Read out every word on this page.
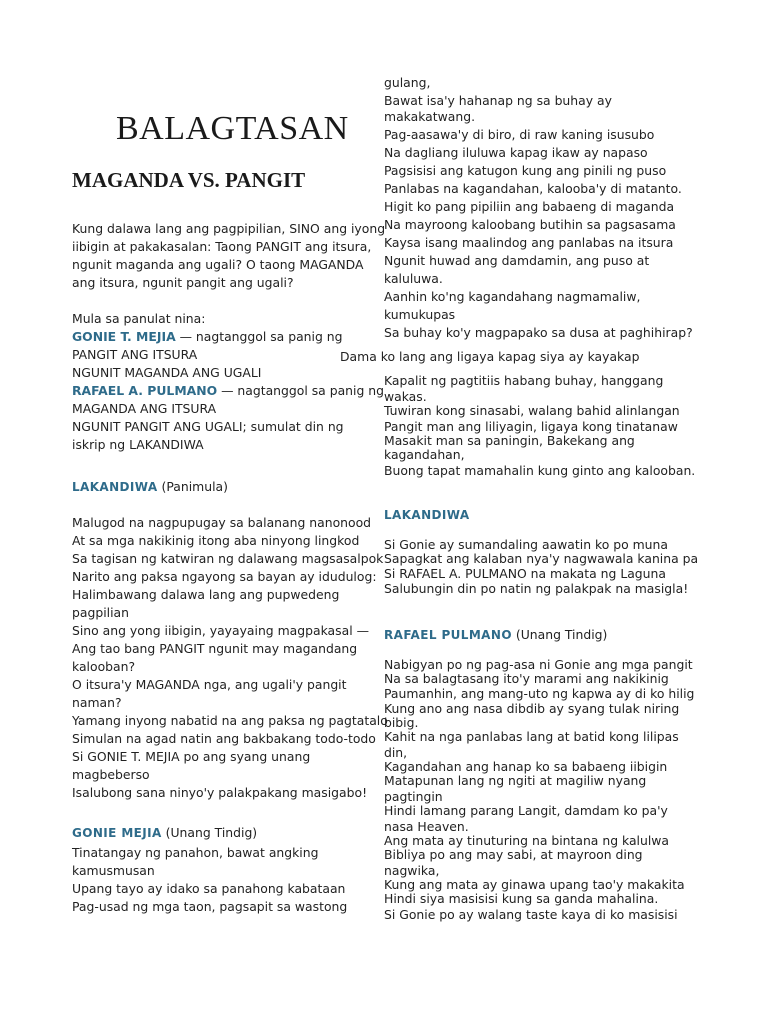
BALAGTASAN
MAGANDA VS. PANGIT
Kung dalawa lang ang pagpipilian, SINO ang iyong
iibigin at pakakasalan: Taong PANGIT ang itsura,
ngunit maganda ang ugali? O taong MAGANDA
ang itsura, ngunit pangit ang ugali?
Mula sa panulat nina:
GONIE T. MEJIA — nagtanggol sa panig ng
PANGIT ANG ITSURA
NGUNIT MAGANDA ANG UGALI
RAFAEL A. PULMANO — nagtanggol sa panig ng
MAGANDA ANG ITSURA
NGUNIT PANGIT ANG UGALI; sumulat din ng
iskrip ng LAKANDIWA
LAKANDIWA (Panimula)
Malugod na nagpupugay sa balanang nanonood
At sa mga nakikinig itong aba ninyong lingkod
Sa tagisan ng katwiran ng dalawang magsasalpok
Narito ang paksa ngayong sa bayan ay idudulog:
Halimbawang dalawa lang ang pupwedeng
pagpilian
Sino ang yong iibigin, yayayaing magpakasal —
Ang tao bang PANGIT ngunit may magandang
kalooban?
O itsura'y MAGANDA nga, ang ugali'y pangit
naman?
Yamang inyong nabatid na ang paksa ng pagtatalo
Simulan na agad natin ang bakbakang todo-todo
Si GONIE T. MEJIA po ang syang unang
magbeberso
Isalubong sana ninyo'y palakpakang masigabo!
GONIE MEJIA (Unang Tindig)
Tinatangay ng panahon, bawat angking
kamusmusan
Upang tayo ay idako sa panahong kabataan
Pag-usad ng mga taon, pagsapit sa wastong
gulang,
Bawat isa'y hahanap ng sa buhay ay
makakatwang.
Pag-aasawa'y di biro, di raw kaning isusubo
Na dagliang iluluwa kapag ikaw ay napaso
Pagsisisi ang katugon kung ang pinili ng puso
Panlabas na kagandahan, kalooba'y di matanto.
Higit ko pang pipiliin ang babaeng di maganda
Na mayroong kaloobang butihin sa pagsasama
Kaysa isang maalindog ang panlabas na itsura
Ngunit huwad ang damdamin, ang puso at
kaluluwa.
Aanhin ko'ng kagandahang nagmamaliw,
kumukupas
Sa buhay ko'y magpapako sa dusa at paghihirap?
Kapalit ng pagtitiis habang buhay, hanggang
wakas.
Tuwiran kong sinasabi, walang bahid alinlangan
Pangit man ang liliyagin, ligaya kong tinatanaw
Masakit man sa paningin, Bakekang ang
kagandahan,
Buong tapat mamahalin kung ginto ang kalooban.
LAKANDIWA
Si Gonie ay sumandaling aawatin ko po muna
Sapagkat ang kalaban nya'y nagwawala kanina pa
Si RAFAEL A. PULMANO na makata ng Laguna
Salubungin din po natin ng palakpak na masigla!
RAFAEL PULMANO (Unang Tindig)
Nabigyan po ng pag-asa ni Gonie ang mga pangit
Na sa balagtasang ito'y marami ang nakikinig
Paumanhin, ang mang-uto ng kapwa ay di ko hilig
Kung ano ang nasa dibdib ay syang tulak niring
bibig.
Kahit na nga panlabas lang at batid kong lilipas
din,
Kagandahan ang hanap ko sa babaeng iibigin
Matapunan lang ng ngiti at magiliw nyang
pagtingin
Hindi lamang parang Langit, damdam ko pa'y
nasa Heaven.
Ang mata ay tinuturing na bintana ng kalulwa
Bibliya po ang may sabi, at mayroon ding
nagwika,
Kung ang mata ay ginawa upang tao'y makakita
Hindi siya masisisi kung sa ganda mahalina.
Si Gonie po ay walang taste kaya di ko masisisi
Dama ko lang ang ligaya kapag siya ay kayakap
